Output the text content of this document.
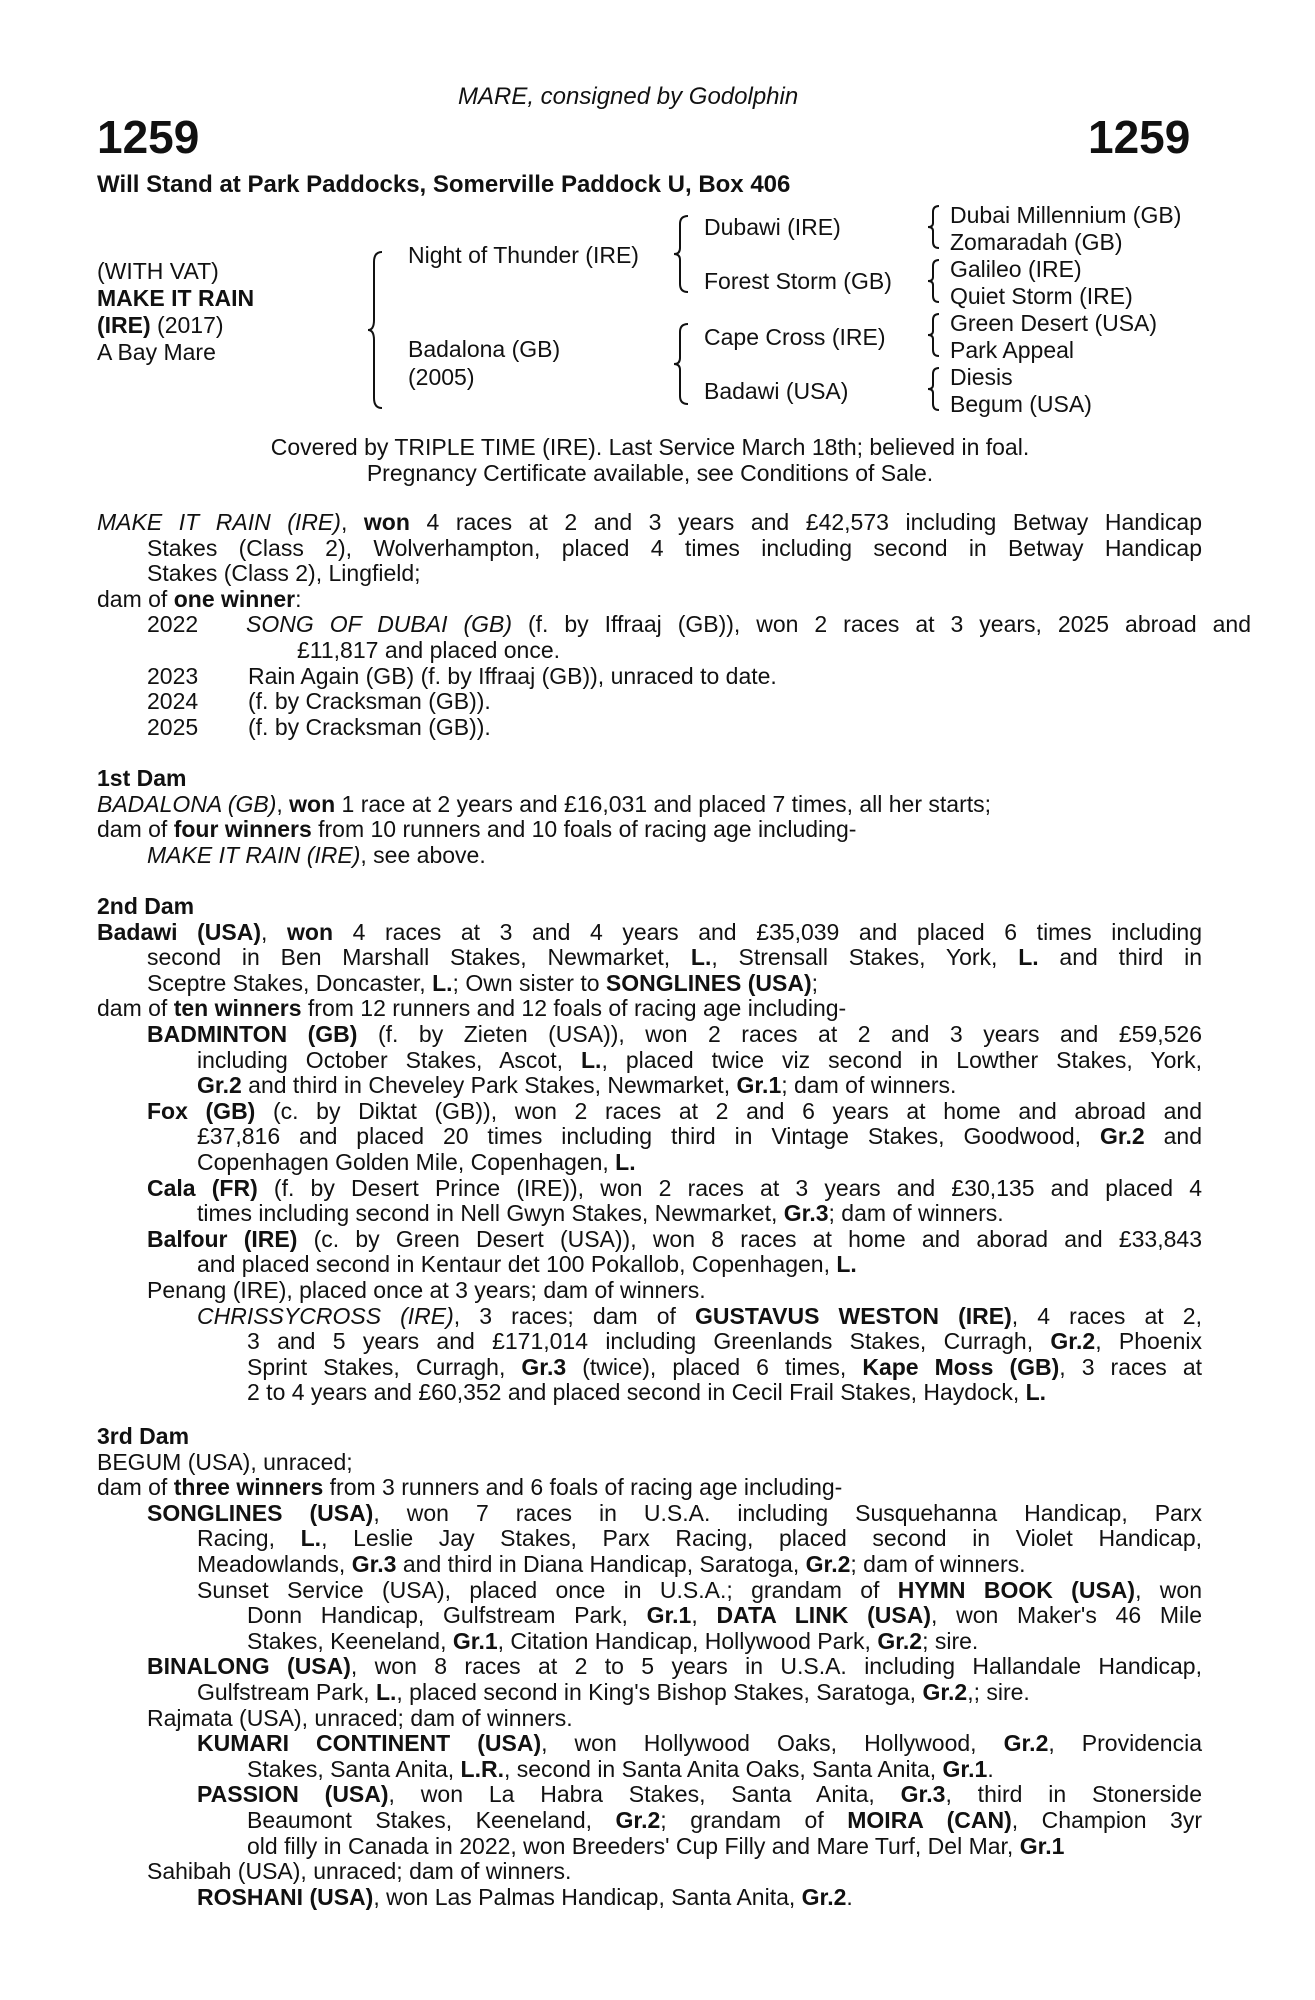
MARE, consigned by Godolphin
1259	1259
Will Stand at Park Paddocks, Somerville Paddock U, Box 406
(WITH VAT)
MAKE IT RAIN
(IRE) (2017)
A Bay Mare
Night of Thunder (IRE)
Badalona (GB)
(2005)
Dubawi (IRE)
Forest Storm (GB)
Cape Cross (IRE)
Badawi (USA)
Dubai Millennium (GB)
Zomaradah (GB)
Galileo (IRE)
Quiet Storm (IRE)
Green Desert (USA)
Park Appeal
Diesis
Begum (USA)
Covered by TRIPLE TIME (IRE). Last Service March 18th; believed in foal.
Pregnancy Certificate available, see Conditions of Sale.
MAKE IT RAIN (IRE), won 4 races at 2 and 3 years and £42,573 including Betway Handicap
Stakes (Class 2), Wolverhampton, placed 4 times including second in Betway Handicap
Stakes (Class 2), Lingfield;
dam of one winner:
2022 SONG OF DUBAI (GB) (f. by Iffraaj (GB)), won 2 races at 3 years, 2025 abroad and
£11,817 and placed once.
2023 Rain Again (GB) (f. by Iffraaj (GB)), unraced to date.
2024 (f. by Cracksman (GB)).
2025 (f. by Cracksman (GB)).
1st Dam
BADALONA (GB), won 1 race at 2 years and £16,031 and placed 7 times, all her starts;
dam of four winners from 10 runners and 10 foals of racing age including-
MAKE IT RAIN (IRE), see above.
2nd Dam
Badawi (USA), won 4 races at 3 and 4 years and £35,039 and placed 6 times including
second in Ben Marshall Stakes, Newmarket, L., Strensall Stakes, York, L. and third in
Sceptre Stakes, Doncaster, L.; Own sister to SONGLINES (USA);
dam of ten winners from 12 runners and 12 foals of racing age including-
BADMINTON (GB) (f. by Zieten (USA)), won 2 races at 2 and 3 years and £59,526
including October Stakes, Ascot, L., placed twice viz second in Lowther Stakes, York,
Gr.2 and third in Cheveley Park Stakes, Newmarket, Gr.1; dam of winners.
Fox (GB) (c. by Diktat (GB)), won 2 races at 2 and 6 years at home and abroad and
£37,816 and placed 20 times including third in Vintage Stakes, Goodwood, Gr.2 and
Copenhagen Golden Mile, Copenhagen, L.
Cala (FR) (f. by Desert Prince (IRE)), won 2 races at 3 years and £30,135 and placed 4
times including second in Nell Gwyn Stakes, Newmarket, Gr.3; dam of winners.
Balfour (IRE) (c. by Green Desert (USA)), won 8 races at home and aborad and £33,843
and placed second in Kentaur det 100 Pokallob, Copenhagen, L.
Penang (IRE), placed once at 3 years; dam of winners.
CHRISSYCROSS (IRE), 3 races; dam of GUSTAVUS WESTON (IRE), 4 races at 2,
3 and 5 years and £171,014 including Greenlands Stakes, Curragh, Gr.2, Phoenix
Sprint Stakes, Curragh, Gr.3 (twice), placed 6 times, Kape Moss (GB), 3 races at
2 to 4 years and £60,352 and placed second in Cecil Frail Stakes, Haydock, L.
3rd Dam
BEGUM (USA), unraced;
dam of three winners from 3 runners and 6 foals of racing age including-
SONGLINES (USA), won 7 races in U.S.A. including Susquehanna Handicap, Parx
Racing, L., Leslie Jay Stakes, Parx Racing, placed second in Violet Handicap,
Meadowlands, Gr.3 and third in Diana Handicap, Saratoga, Gr.2; dam of winners.
Sunset Service (USA), placed once in U.S.A.; grandam of HYMN BOOK (USA), won
Donn Handicap, Gulfstream Park, Gr.1, DATA LINK (USA), won Maker's 46 Mile
Stakes, Keeneland, Gr.1, Citation Handicap, Hollywood Park, Gr.2; sire.
BINALONG (USA), won 8 races at 2 to 5 years in U.S.A. including Hallandale Handicap,
Gulfstream Park, L., placed second in King's Bishop Stakes, Saratoga, Gr.2,; sire.
Rajmata (USA), unraced; dam of winners.
KUMARI CONTINENT (USA), won Hollywood Oaks, Hollywood, Gr.2, Providencia
Stakes, Santa Anita, L.R., second in Santa Anita Oaks, Santa Anita, Gr.1.
PASSION (USA), won La Habra Stakes, Santa Anita, Gr.3, third in Stonerside
Beaumont Stakes, Keeneland, Gr.2; grandam of MOIRA (CAN), Champion 3yr
old filly in Canada in 2022, won Breeders' Cup Filly and Mare Turf, Del Mar, Gr.1
Sahibah (USA), unraced; dam of winners.
ROSHANI (USA), won Las Palmas Handicap, Santa Anita, Gr.2.
